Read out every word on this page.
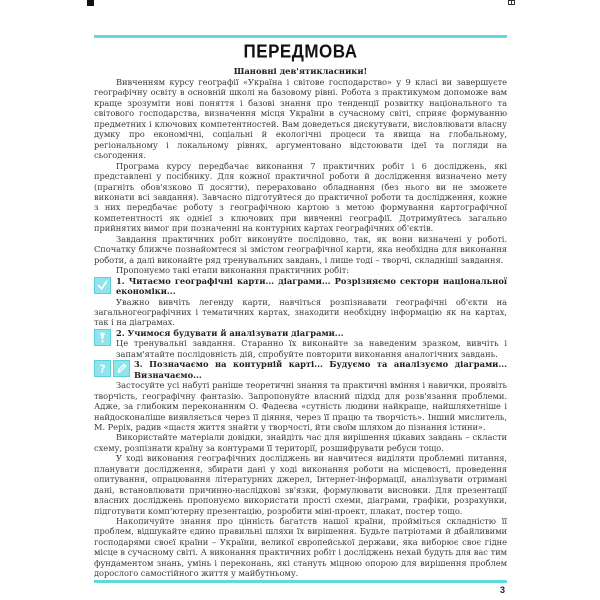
ПЕРЕДМОВА
Шановні дев'ятикласники!

Вивченням курсу географії «Україна і світове господарство» у 9 класі ви завершуєте географічну освіту в основній школі на базовому рівні. Робота з практикумом допоможе вам краще зрозуміти нові поняття і базові знання про тенденції розвитку національного та світового господарства, визначення місця України в сучасному світі, сприяє формуванню предметних і ключових компетентностей. Вам доведеться дискутувати, висловлювати власну думку про економічні, соціальні й екологічні процеси та явища на глобальному, регіональному і локальному рівнях, аргументовано відстоювати ідеї та погляди на сьогодення.

Програма курсу передбачає виконання 7 практичних робіт і 6 досліджень, які представлені у посібнику. Для кожної практичної роботи й дослідження визначено мету (прагніть обов'язково її досягти), перераховано обладнання (без нього ви не зможете виконати всі завдання). Завчасно підготуйтеся до практичної роботи та дослідження, кожне з них передбачає роботу з географічною картою з метою формування картографічної компетентності як однієї з ключових при вивченні географії. Дотримуйтесь загально прийнятих вимог при позначенні на контурних картах географічних об'єктів.

Завдання практичних робіт виконуйте послідовно, так, як вони визначені у роботі. Спочатку ближче познайомтеся зі змістом географічної карти, яка необхідна для виконання роботи, а далі виконайте ряд тренувальних завдань, і лише тоді – творчі, складніші завдання.

Пропонуємо такі етапи виконання практичних робіт:

1. Читаємо географічні карти... діаграми... Розрізняємо сектори національної економіки...

Уважно вивчіть легенду карти, навчіться розпізнавати географічні об'єкти на загальногеографічних і тематичних картах, знаходити необхідну інформацію як на картах, так і на діаграмах.

2. Учимося будувати й аналізувати діаграми...
Це тренувальні завдання. Старанно їх виконайте за наведеним зразком, вивчіть і запам'ятайте послідовність дій, спробуйте повторити виконання аналогічних завдань.
?	3. Позначаємо на контурній карті... Будуємо та аналізуємо діаграми... Визначаємо...

Застосуйте усі набуті раніше теоретичні знання та практичні вміння і навички, проявіть творчість, географічну фантазію. Запропонуйте власний підхід для розв'язання проблеми. Адже, за глибоким переконанням О. Фадеєва «сутність людини найкраще, найшляхетніше і найдосконаліше виявляється через її діяння, через її працю та творчість». Інший мислитель, М. Реріх, радив «щастя життя знайти у творчості, йти своїм шляхом до пізнання істини».

Використайте матеріали довідки, знайдіть час для вирішення цікавих завдань – скласти схему, розпізнати країну за контурами її території, розшифрувати ребуси тощо.

У ході виконання географічних досліджень ви навчитеся виділяти проблемні питання, планувати дослідження, збирати дані у ході виконання роботи на місцевості, проведення опитування, опрацювання літературних джерел, Інтернет-інформації, аналізувати отримані дані, встановлювати причинно-наслідкові зв'язки, формулювати висновки. Для презентації власних досліджень пропонуємо використати прості схеми, діаграми, графіки, розрахунки, підготувати комп'ютерну презентацію, розробити міні-проект, плакат, постер тощо.

Накопичуйте знання про цінність багатств нашої країни, пройміться складністю її проблем, відшукайте єдино правильні шляхи їх вирішення. Будьте патріотами й дбайливими господарями своєї країни – України, великої європейської держави, яка виборює своє гідне місце в сучасному світі. А виконання практичних робіт і досліджень нехай будуть для вас тим фундаментом знань, умінь і переконань, які стануть міцною опорою для вирішення проблем дорослого самостійного життя у майбутньому.

3
